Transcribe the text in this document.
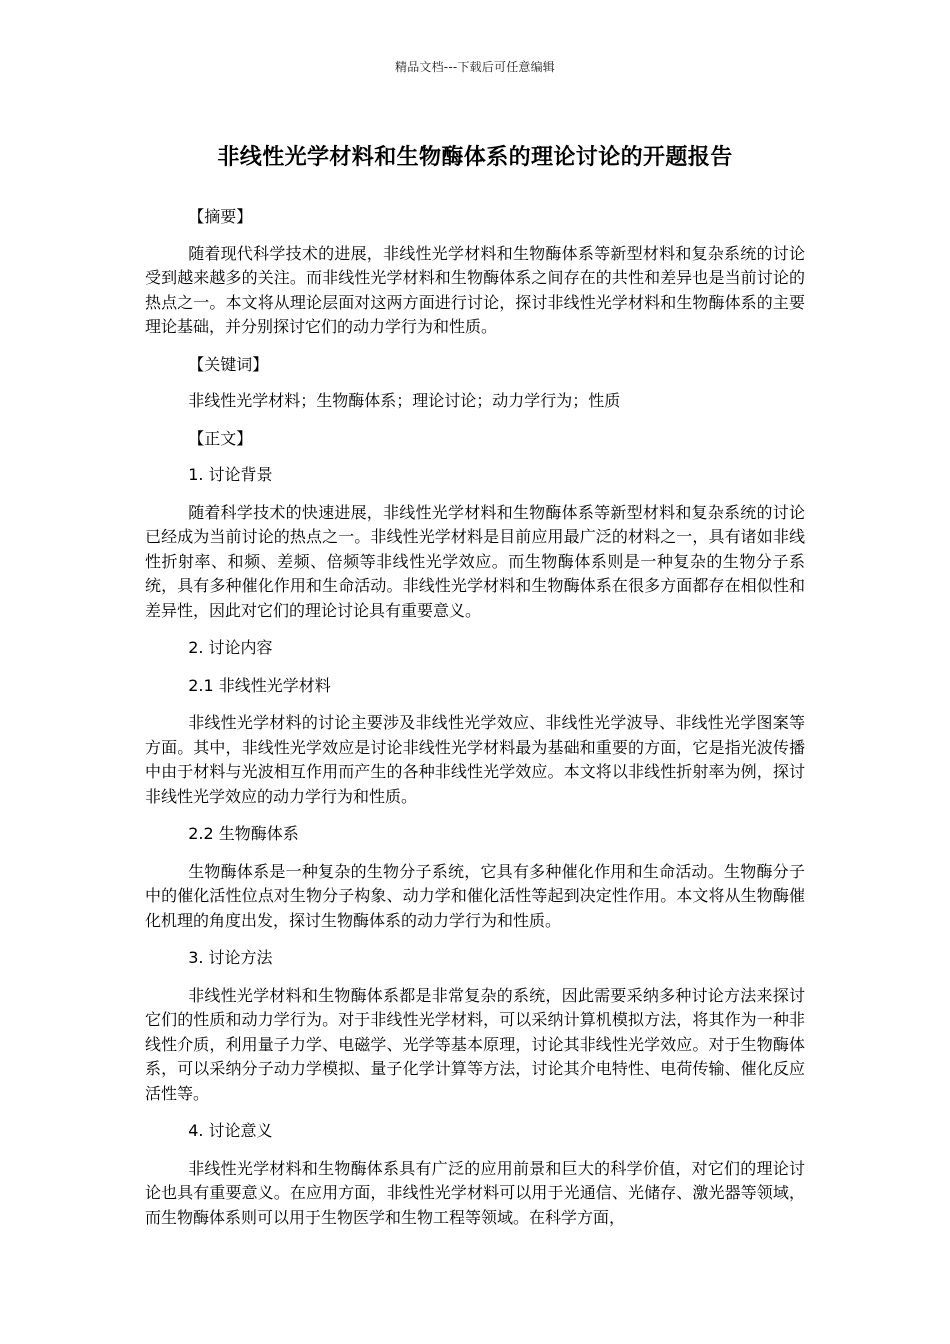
精品文档---下载后可任意编辑
非线性光学材料和生物酶体系的理论讨论的开题报告

【摘要】

随着现代科学技术的进展，非线性光学材料和生物酶体系等新型材料和复杂系统的讨论受到越来越多的关注。而非线性光学材料和生物酶体系之间存在的共性和差异也是当前讨论的热点之一。本文将从理论层面对这两方面进行讨论，探讨非线性光学材料和生物酶体系的主要理论基础，并分别探讨它们的动力学行为和性质。

【关键词】

非线性光学材料；生物酶体系；理论讨论；动力学行为；性质

【正文】

1. 讨论背景

随着科学技术的快速进展，非线性光学材料和生物酶体系等新型材料和复杂系统的讨论已经成为当前讨论的热点之一。非线性光学材料是目前应用最广泛的材料之一，具有诸如非线性折射率、和频、差频、倍频等非线性光学效应。而生物酶体系则是一种复杂的生物分子系统，具有多种催化作用和生命活动。非线性光学材料和生物酶体系在很多方面都存在相似性和差异性，因此对它们的理论讨论具有重要意义。

2. 讨论内容

2.1 非线性光学材料

非线性光学材料的讨论主要涉及非线性光学效应、非线性光学波导、非线性光学图案等方面。其中，非线性光学效应是讨论非线性光学材料最为基础和重要的方面，它是指光波传播中由于材料与光波相互作用而产生的各种非线性光学效应。本文将以非线性折射率为例，探讨非线性光学效应的动力学行为和性质。

2.2 生物酶体系

生物酶体系是一种复杂的生物分子系统，它具有多种催化作用和生命活动。生物酶分子中的催化活性位点对生物分子构象、动力学和催化活性等起到决定性作用。本文将从生物酶催化机理的角度出发，探讨生物酶体系的动力学行为和性质。

3. 讨论方法

非线性光学材料和生物酶体系都是非常复杂的系统，因此需要采纳多种讨论方法来探讨它们的性质和动力学行为。对于非线性光学材料，可以采纳计算机模拟方法，将其作为一种非线性介质，利用量子力学、电磁学、光学等基本原理，讨论其非线性光学效应。对于生物酶体系，可以采纳分子动力学模拟、量子化学计算等方法，讨论其介电特性、电荷传输、催化反应活性等。

4. 讨论意义

非线性光学材料和生物酶体系具有广泛的应用前景和巨大的科学价值，对它们的理论讨论也具有重要意义。在应用方面，非线性光学材料可以用于光通信、光储存、激光器等领域，而生物酶体系则可以用于生物医学和生物工程等领域。在科学方面，
